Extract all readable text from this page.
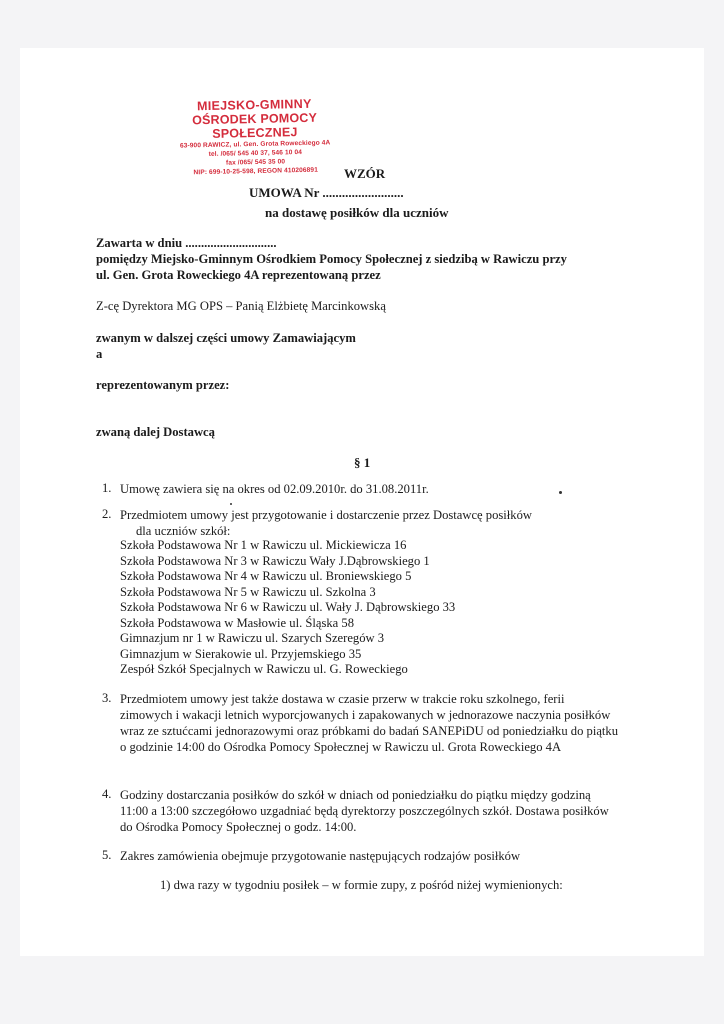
MIEJSKO-GMINNY
OŚRODEK POMOCY SPOŁECZNEJ
63-900 RAWICZ, ul. Gen. Grota Roweckiego 4A
tel. /065/ 545 40 37, 546 10 04
fax /065/ 545 35 00
NIP: 699-10-25-598, REGON 410206891	WZÓR
UMOWA Nr .........................
na dostawę posiłków dla uczniów
Zawarta w dniu .............................
pomiędzy Miejsko-Gminnym Ośrodkiem Pomocy Społecznej z siedzibą w Rawiczu przy
ul. Gen. Grota Roweckiego 4A reprezentowaną przez
Z-cę Dyrektora MG OPS – Panią Elżbietę Marcinkowską
zwanym w dalszej części umowy Zamawiającym
a
reprezentowanym przez:
zwaną dalej Dostawcą
§ 1
1. Umowę zawiera się na okres od 02.09.2010r. do 31.08.2011r.
2. Przedmiotem umowy jest przygotowanie i dostarczenie przez Dostawcę posiłków
dla uczniów szkół:
Szkoła Podstawowa Nr 1 w Rawiczu ul. Mickiewicza 16
Szkoła Podstawowa Nr 3 w Rawiczu Wały J.Dąbrowskiego 1
Szkoła Podstawowa Nr 4 w Rawiczu ul. Broniewskiego 5
Szkoła Podstawowa Nr 5 w Rawiczu ul. Szkolna 3
Szkoła Podstawowa Nr 6 w Rawiczu ul. Wały J. Dąbrowskiego 33
Szkoła Podstawowa w Masłowie ul. Śląska 58
Gimnazjum nr 1 w Rawiczu ul. Szarych Szeregów 3
Gimnazjum w Sierakowie ul. Przyjemskiego 35
Zespół Szkół Specjalnych w Rawiczu ul. G. Roweckiego
3. Przedmiotem umowy jest także dostawa w czasie przerw w trakcie roku szkolnego, ferii zimowych i wakacji letnich wyporcjowanych i zapakowanych w jednorazowe naczynia posiłków wraz ze sztućcami jednorazowymi oraz próbkami do badań SANEPiDU od poniedziałku do piątku o godzinie 14:00 do Ośrodka Pomocy Społecznej w Rawiczu ul. Grota Roweckiego 4A
4. Godziny dostarczania posiłków do szkół w dniach od poniedziałku do piątku między godziną 11:00 a 13:00 szczegółowo uzgadniać będą dyrektorzy poszczególnych szkół. Dostawa posiłków do Ośrodka Pomocy Społecznej o godz. 14:00.
5. Zakres zamówienia obejmuje przygotowanie następujących rodzajów posiłków
1) dwa razy w tygodniu posiłek – w formie zupy, z pośród niżej wymienionych:
